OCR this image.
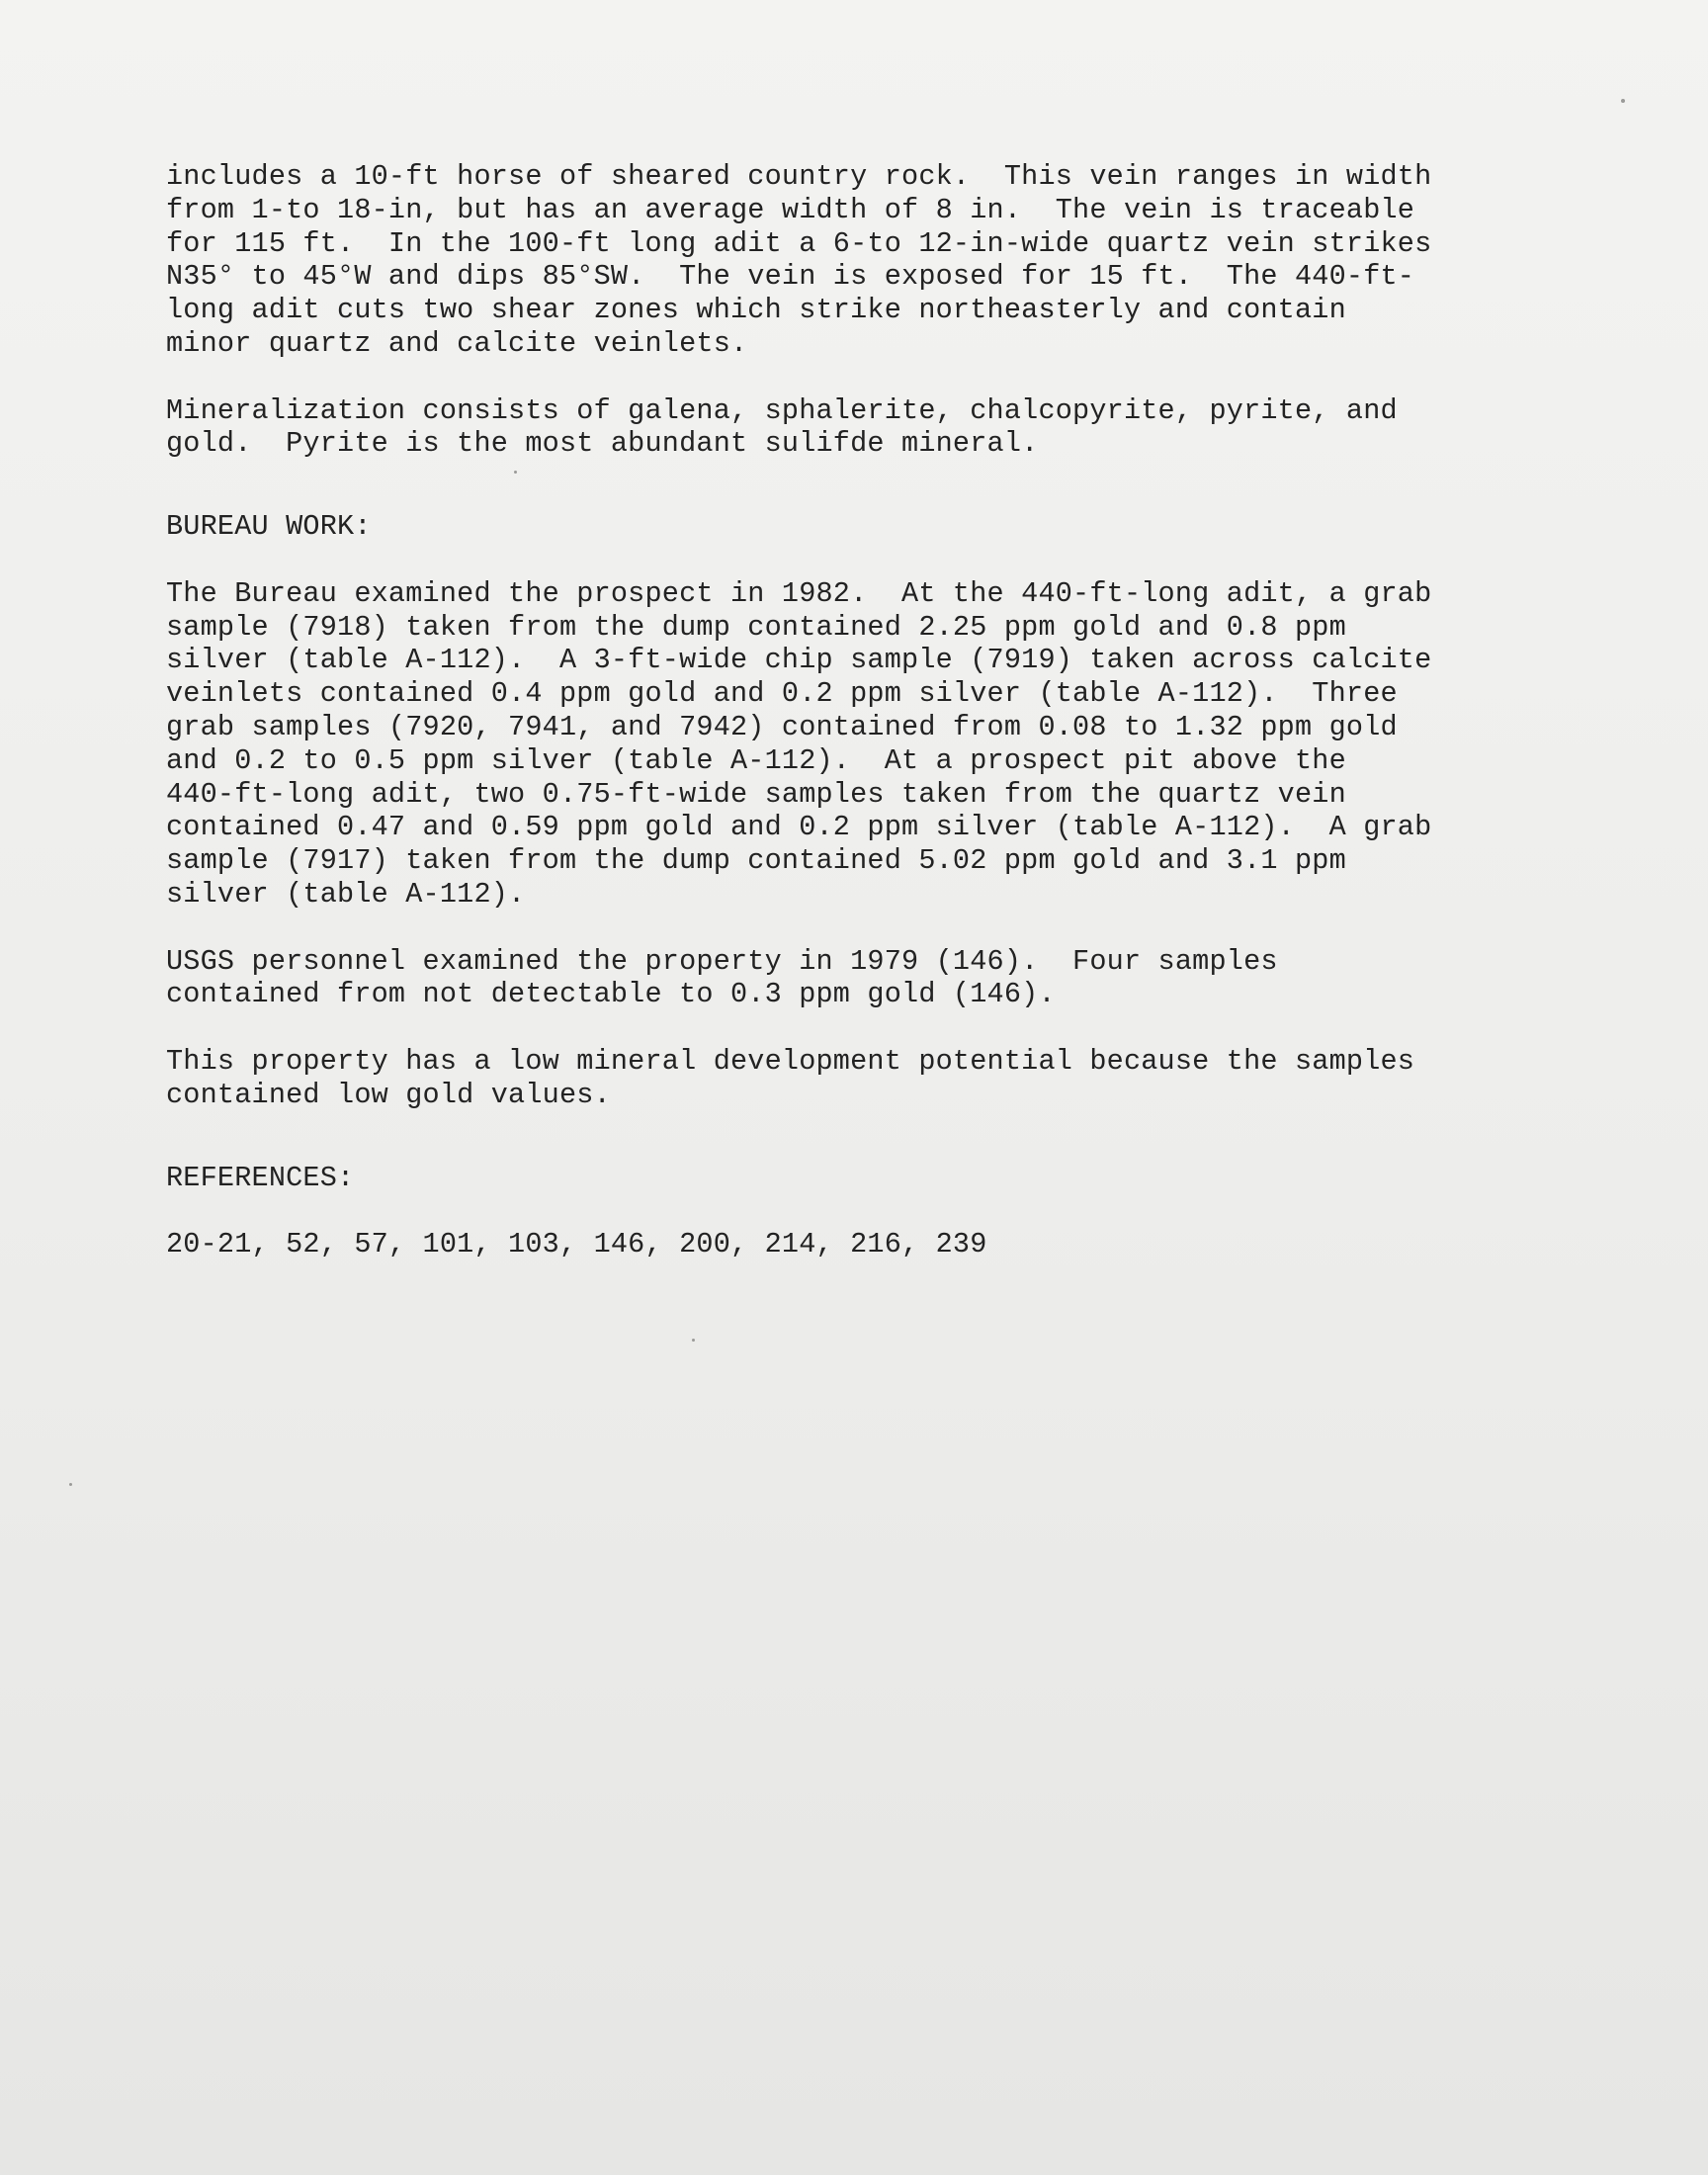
includes a 10-ft horse of sheared country rock.  This vein ranges in width
from 1-to 18-in, but has an average width of 8 in.  The vein is traceable
for 115 ft.  In the 100-ft long adit a 6-to 12-in-wide quartz vein strikes
N35° to 45°W and dips 85°SW.  The vein is exposed for 15 ft.  The 440-ft-
long adit cuts two shear zones which strike northeasterly and contain
minor quartz and calcite veinlets.
Mineralization consists of galena, sphalerite, chalcopyrite, pyrite, and
gold.  Pyrite is the most abundant sulifde mineral.
BUREAU WORK:
The Bureau examined the prospect in 1982.  At the 440-ft-long adit, a grab
sample (7918) taken from the dump contained 2.25 ppm gold and 0.8 ppm
silver (table A-112).  A 3-ft-wide chip sample (7919) taken across calcite
veinlets contained 0.4 ppm gold and 0.2 ppm silver (table A-112).  Three
grab samples (7920, 7941, and 7942) contained from 0.08 to 1.32 ppm gold
and 0.2 to 0.5 ppm silver (table A-112).  At a prospect pit above the
440-ft-long adit, two 0.75-ft-wide samples taken from the quartz vein
contained 0.47 and 0.59 ppm gold and 0.2 ppm silver (table A-112).  A grab
sample (7917) taken from the dump contained 5.02 ppm gold and 3.1 ppm
silver (table A-112).
USGS personnel examined the property in 1979 (146).  Four samples
contained from not detectable to 0.3 ppm gold (146).
This property has a low mineral development potential because the samples
contained low gold values.
REFERENCES:
20-21, 52, 57, 101, 103, 146, 200, 214, 216, 239
